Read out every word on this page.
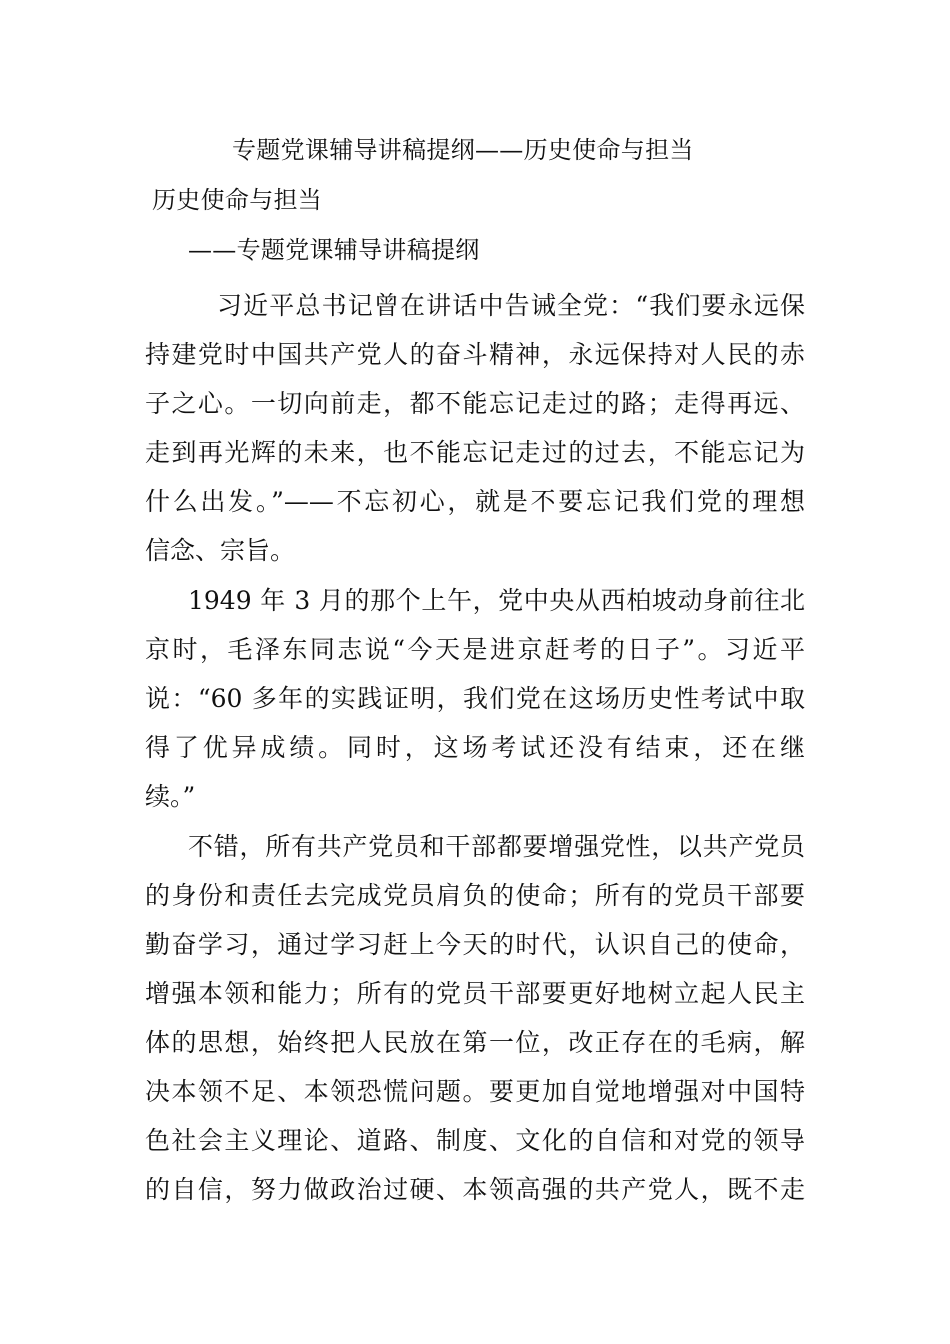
专题党课辅导讲稿提纲——历史使命与担当
历史使命与担当
——专题党课辅导讲稿提纲
习近平总书记曾在讲话中告诫全党：“我们要永远保
持建党时中国共产党人的奋斗精神，永远保持对人民的赤
子之心。一切向前走，都不能忘记走过的路；走得再远、
走到再光辉的未来，也不能忘记走过的过去，不能忘记为
什么出发。”——不忘初心，就是不要忘记我们党的理想
信念、宗旨。
1949 年 3 月的那个上午，党中央从西柏坡动身前往北
京时，毛泽东同志说“今天是进京赶考的日子”。习近平
说：“60 多年的实践证明，我们党在这场历史性考试中取
得了优异成绩。同时，这场考试还没有结束，还在继
续。”
不错，所有共产党员和干部都要增强党性，以共产党员
的身份和责任去完成党员肩负的使命；所有的党员干部要
勤奋学习，通过学习赶上今天的时代，认识自己的使命，
增强本领和能力；所有的党员干部要更好地树立起人民主
体的思想，始终把人民放在第一位，改正存在的毛病，解
决本领不足、本领恐慌问题。要更加自觉地增强对中国特
色社会主义理论、道路、制度、文化的自信和对党的领导
的自信，努力做政治过硬、本领高强的共产党人，既不走
